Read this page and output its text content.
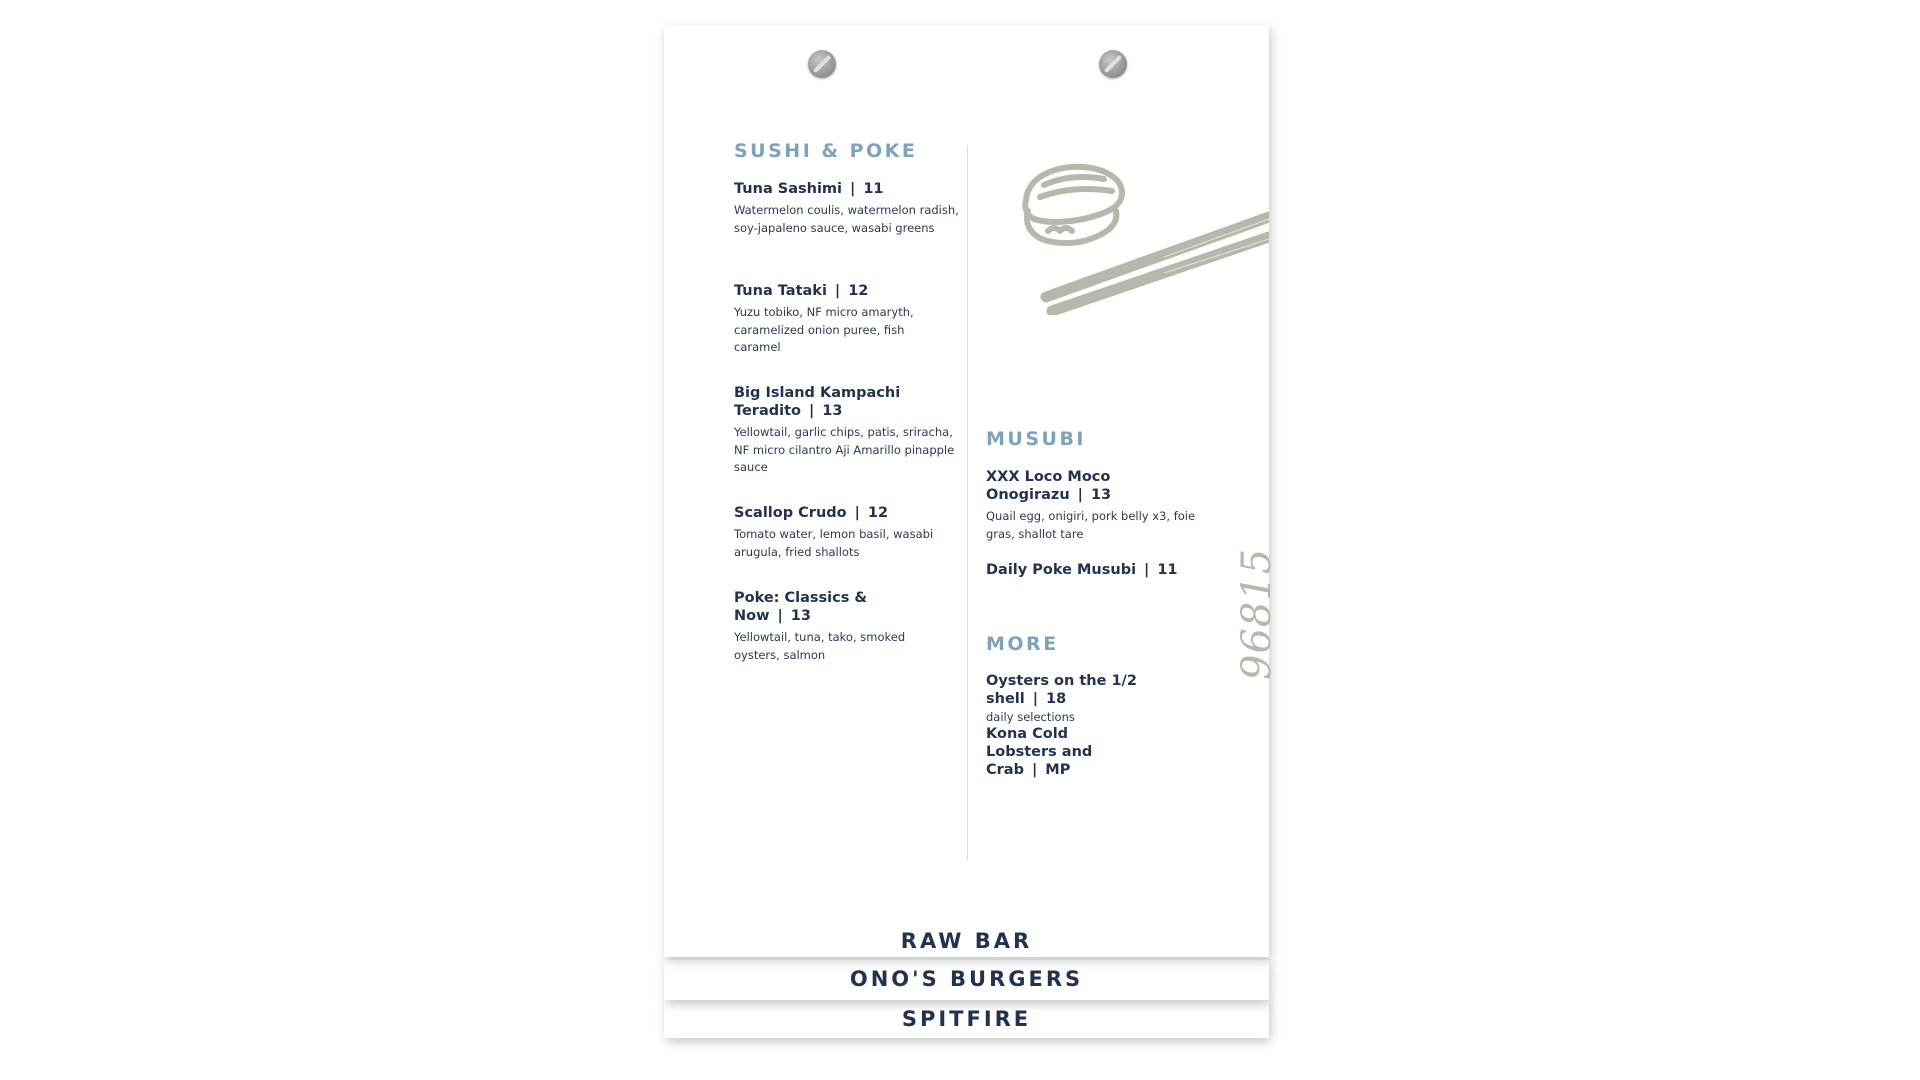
SPITFIRE
ONO'S BURGERS
SUSHI & POKE
Tuna Sashimi | 11
Watermelon coulis, watermelon radish, soy-japaleno sauce, wasabi greens
Tuna Tataki | 12
Yuzu tobiko, NF micro amaryth, caramelized onion puree, fish caramel
Big Island Kampachi Teradito | 13
Yellowtail, garlic chips, patis, sriracha, NF micro cilantro Aji Amarillo pinapple sauce
Scallop Crudo | 12
Tomato water, lemon basil, wasabi arugula, fried shallots
Poke: Classics & Now | 13
Yellowtail, tuna, tako, smoked oysters, salmon
MUSUBI
XXX Loco Moco Onogirazu | 13
Quail egg, onigiri, pork belly x3, foie gras, shallot tare
Daily Poke Musubi | 11
MORE
Oysters on the 1/2 shell | 18
daily selections
Kona Cold Lobsters and Crab | MP
96815
RAW BAR
